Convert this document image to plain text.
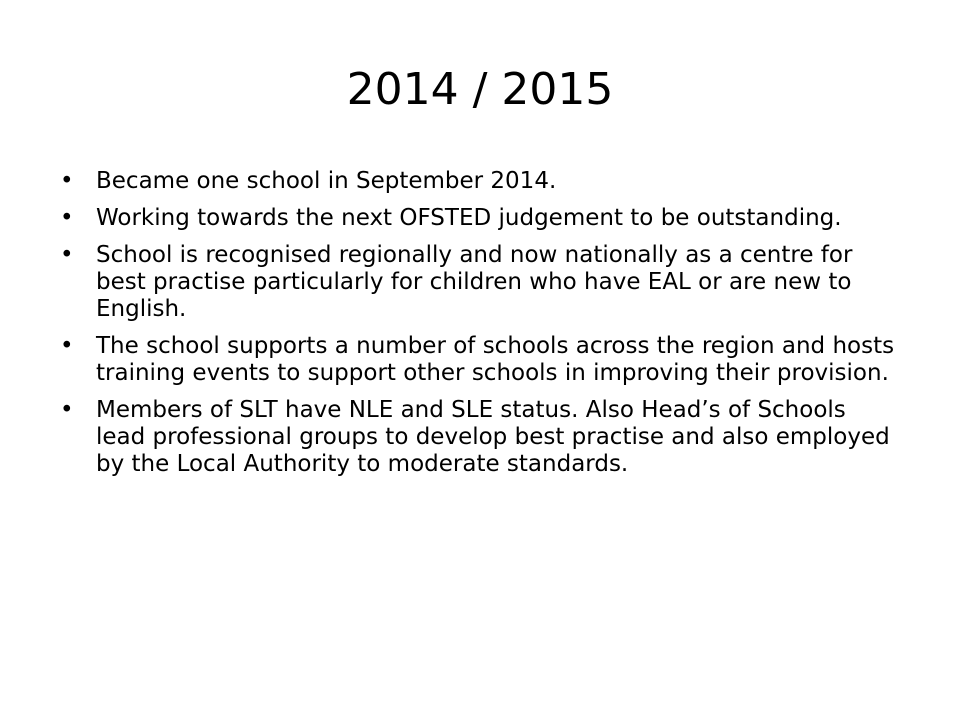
2014 / 2015
• Became one school in September 2014.
• Working towards the next OFSTED judgement to be outstanding.
• School is recognised regionally and now nationally as a centre for best practise particularly for children who have EAL or are new to English.
• The school supports a number of schools across the region and hosts training events to support other schools in improving their provision.
• Members of SLT have NLE and SLE status. Also Head’s of Schools lead professional groups to develop best practise and also employed by the Local Authority to moderate standards.
